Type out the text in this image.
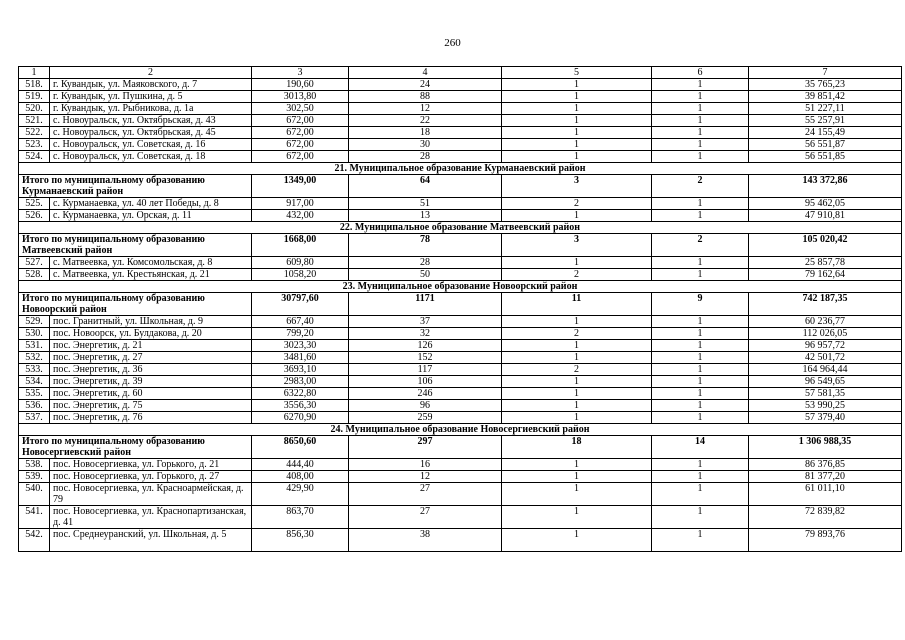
260
1	2	3	4	5	6	7
518.	г. Кувандык, ул. Маяковского, д. 7	190,60	24	1	1	35 765,23
519.	г. Кувандык, ул. Пушкина, д. 5	3013,80	88	1	1	39 851,42
520.	г. Кувандык, ул. Рыбникова, д. 1а	302,50	12	1	1	51 227,11
521.	с. Новоуральск, ул. Октябрьская, д. 43	672,00	22	1	1	55 257,91
522.	с. Новоуральск, ул. Октябрьская, д. 45	672,00	18	1	1	24 155,49
523.	с. Новоуральск, ул. Советская, д. 16	672,00	30	1	1	56 551,87
524.	с. Новоуральск, ул. Советская, д. 18	672,00	28	1	1	56 551,85
21. Муниципальное образование Курманаевский район						
Итого по муниципальному образованию Курманаевский район		1349,00	64	3	2	143 372,86
525.	с. Курманаевка, ул. 40 лет Победы, д. 8	917,00	51	2	1	95 462,05
526.	с. Курманаевка, ул. Орская, д. 11	432,00	13	1	1	47 910,81
22. Муниципальное образование Матвеевский район						
Итого по муниципальному образованию Матвеевский район		1668,00	78	3	2	105 020,42
527.	с. Матвеевка, ул. Комсомольская, д. 8	609,80	28	1	1	25 857,78
528.	с. Матвеевка, ул. Крестьянская, д. 21	1058,20	50	2	1	79 162,64
23. Муниципальное образование Новоорский район						
Итого по муниципальному образованию Новоорский район		30797,60	1171	11	9	742 187,35
529.	пос. Гранитный, ул. Школьная, д. 9	667,40	37	1	1	60 236,77
530.	пос. Новоорск, ул. Булдакова, д. 20	799,20	32	2	1	112 026,05
531.	пос. Энергетик, д. 21	3023,30	126	1	1	96 957,72
532.	пос. Энергетик, д. 27	3481,60	152	1	1	42 501,72
533.	пос. Энергетик, д. 36	3693,10	117	2	1	164 964,44
534.	пос. Энергетик, д. 39	2983,00	106	1	1	96 549,65
535.	пос. Энергетик, д. 60	6322,80	246	1	1	57 581,35
536.	пос. Энергетик, д. 75	3556,30	96	1	1	53 990,25
537.	пос. Энергетик, д. 76	6270,90	259	1	1	57 379,40
24. Муниципальное образование Новосергиевский район						
Итого по муниципальному образованию Новосергиевский район		8650,60	297	18	14	1 306 988,35
538.	пос. Новосергиевка, ул. Горького, д. 21	444,40	16	1	1	86 376,85
539.	пос. Новосергиевка, ул. Горького, д. 27	408,00	12	1	1	81 377,20
540.	пос. Новосергиевка, ул. Красноармейская, д. 79	429,90	27	1	1	61 011,10
541.	пос. Новосергиевка, ул. Краснопартизанская, д. 41	863,70	27	1	1	72 839,82
542.	пос. Среднеуранский, ул. Школьная, д. 5	856,30	38	1	1	79 893,76
